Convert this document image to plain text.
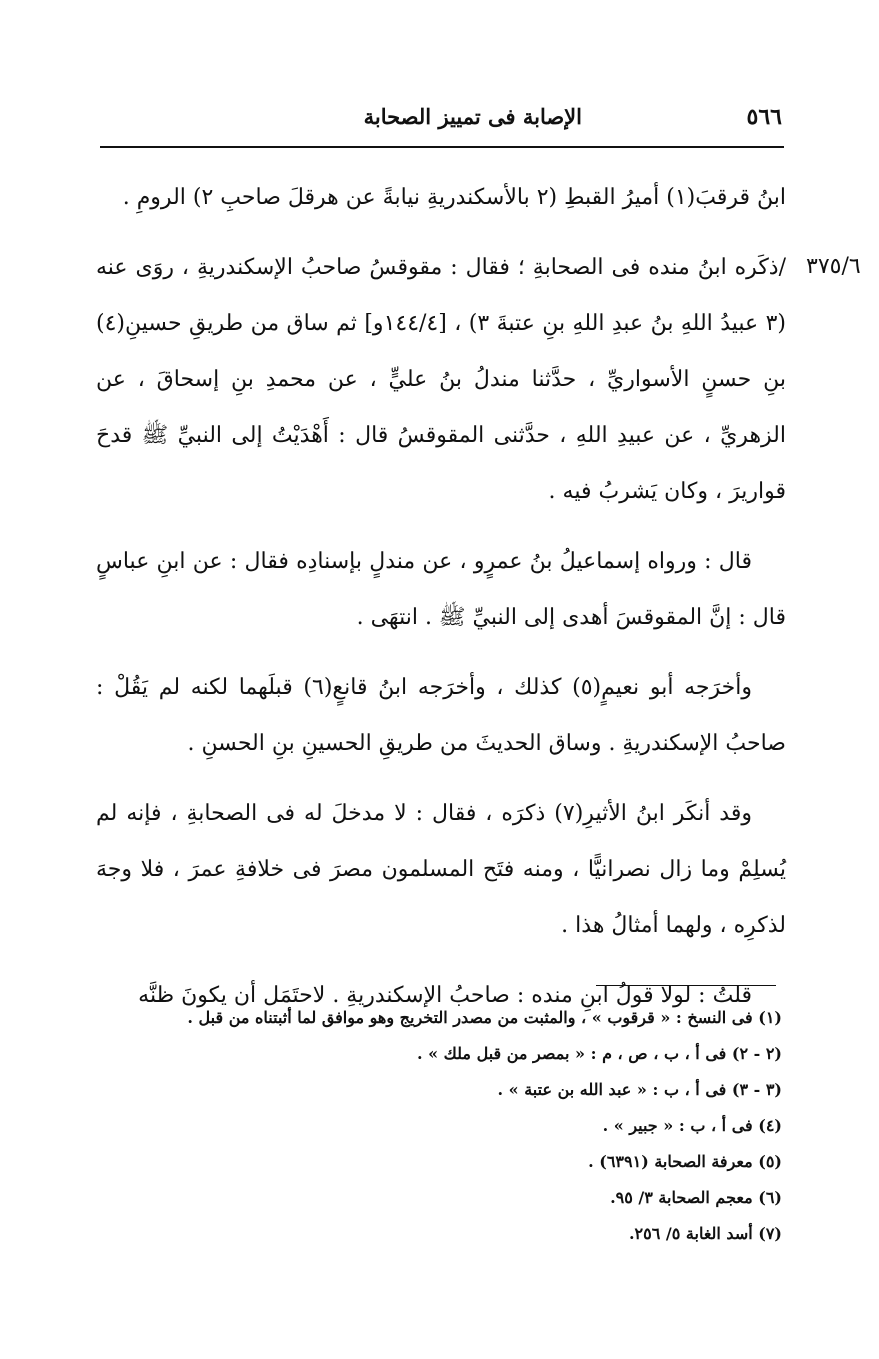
٥٦٦
الإصابة فى تمييز الصحابة
٣٧٥/٦

ابنُ قرقبَ(١) أميرُ القبطِ (٢ بالأسكندريةِ نيابةً عن هرقلَ صاحبِ ٢) الرومِ .

/ذكَره ابنُ منده فى الصحابةِ ؛ فقال : مقوقسُ صاحبُ الإسكندريةِ ، روَى عنه (٣ عبيدُ اللهِ بنُ عبدِ اللهِ بنِ عتبةَ ٣) ، [١٤٤/٤و] ثم ساق من طريقِ حسينِ(٤) بنِ حسنٍ الأسواريِّ ، حدَّثنا مندلُ بنُ عليٍّ ، عن محمدِ بنِ إسحاقَ ، عن الزهريِّ ، عن عبيدِ اللهِ ، حدَّثنى المقوقسُ قال : أَهْدَيْتُ إلى النبيِّ ﷺ قدحَ قواريرَ ، وكان يَشربُ فيه .

قال : ورواه إسماعيلُ بنُ عمرٍو ، عن مندلٍ بإسنادِه فقال : عن ابنِ عباسٍ قال : إنَّ المقوقسَ أهدى إلى النبيِّ ﷺ . انتهَى .

وأخرَجه أبو نعيمٍ(٥) كذلك ، وأخرَجه ابنُ قانعٍ(٦) قبلَهما لكنه لم يَقُلْ : صاحبُ الإسكندريةِ . وساق الحديثَ من طريقِ الحسينِ بنِ الحسنِ .

وقد أنكَر ابنُ الأثيرِ(٧) ذكرَه ، فقال : لا مدخلَ له فى الصحابةِ ، فإنه لم يُسلِمْ وما زال نصرانيًّا ، ومنه فتَح المسلمون مصرَ فى خلافةِ عمرَ ، فلا وجهَ لذكرِه ، ولهما أمثالُ هذا .

قلتُ : لولا قولُ ابنِ منده : صاحبُ الإسكندريةِ . لاحتَمَل أن يكونَ ظنَّه

(١) فى النسخ : « قرقوب » ، والمثبت من مصدر التخريج وهو موافق لما أثبتناه من قبل .
(٢ - ٢) فى أ ، ب ، ص ، م : « بمصر من قبل ملك » .
(٣ - ٣) فى أ ، ب : « عبد الله بن عتبة » .
(٤) فى أ ، ب : « جبير » .
(٥) معرفة الصحابة (٦٣٩١) .
(٦) معجم الصحابة ٣/ ٩٥.
(٧) أسد الغابة ٥/ ٢٥٦.
